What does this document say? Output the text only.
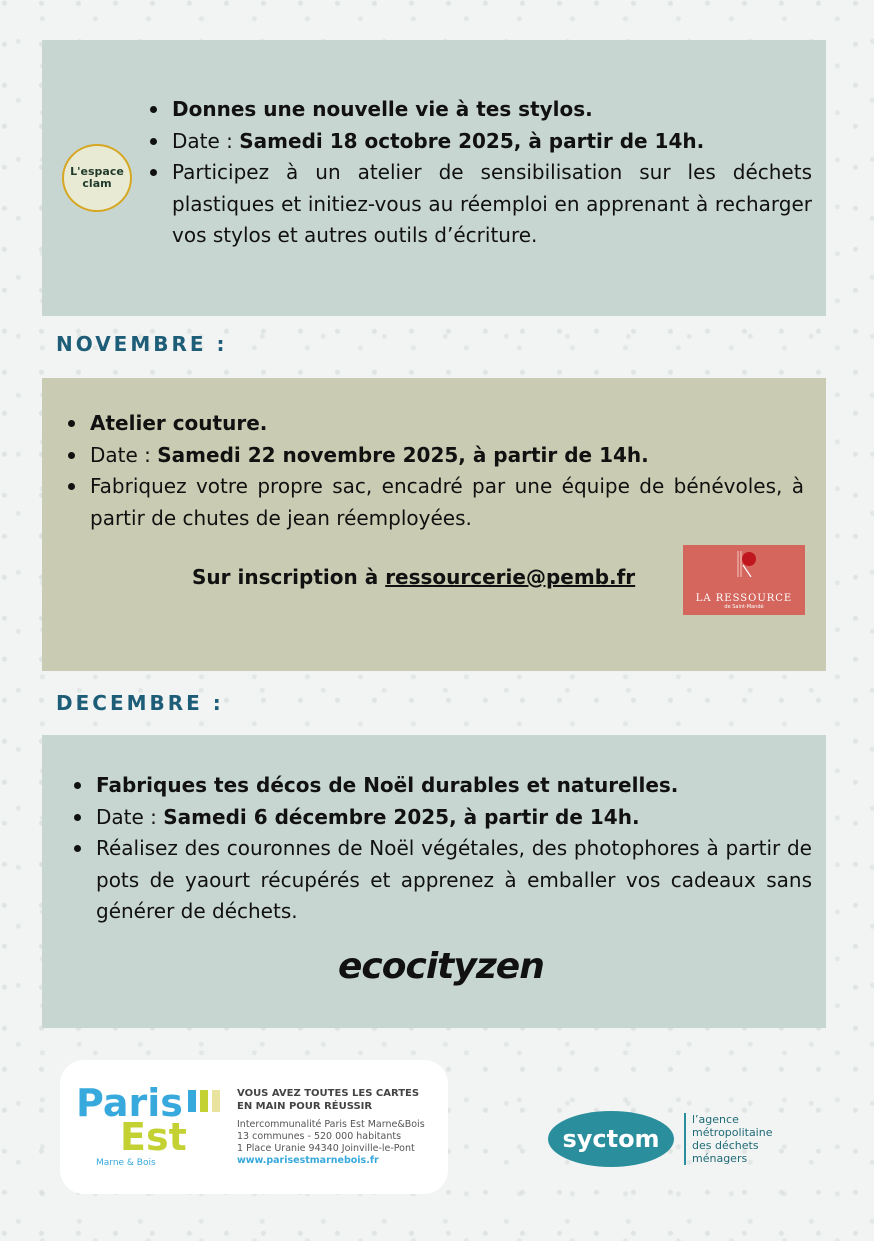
L'espace
clam
Donnes une nouvelle vie à tes stylos.
Date : Samedi 18 octobre 2025, à partir de 14h.
Participez à un atelier de sensibilisation sur les déchets plastiques et initiez-vous au réemploi en apprenant à recharger vos stylos et autres outils d’écriture.
NOVEMBRE :
Atelier couture.
Date : Samedi 22 novembre 2025, à partir de 14h.
Fabriquez votre propre sac, encadré par une équipe de bénévoles, à partir de chutes de jean réemployées.
Sur inscription à ressourcerie@pemb.fr
LA RESSOURCE
de Saint-Mandé
DECEMBRE :
Fabriques tes décos de Noël durables et naturelles.
Date : Samedi 6 décembre 2025, à partir de 14h.
Réalisez des couronnes de Noël végétales, des photophores à partir de pots de yaourt récupérés et apprenez à emballer vos cadeaux sans générer de déchets.
ecocityzen
Paris
Est
Marne & Bois
VOUS AVEZ TOUTES LES CARTES
EN MAIN POUR RÉUSSIR
Intercommunalité Paris Est Marne&Bois
13 communes - 520 000 habitants
1 Place Uranie 94340 Joinville-le-Pont
www.parisestmarnebois.fr
syctom
l’agence
métropolitaine
des déchets
ménagers
